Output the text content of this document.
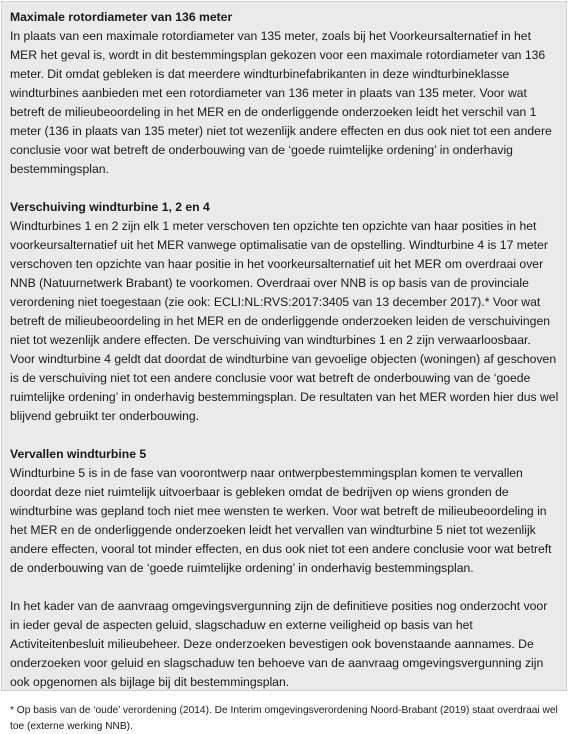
Maximale rotordiameter van 136 meter

In plaats van een maximale rotordiameter van 135 meter, zoals bij het Voorkeursalternatief in het MER het geval is, wordt in dit bestemmingsplan gekozen voor een maximale rotordiameter van 136 meter. Dit omdat gebleken is dat meerdere windturbinefabrikanten in deze windturbineklasse windturbines aanbieden met een rotordiameter van 136 meter in plaats van 135 meter. Voor wat betreft de milieubeoordeling in het MER en de onderliggende onderzoeken leidt het verschil van 1 meter (136 in plaats van 135 meter) niet tot wezenlijk andere effecten en dus ook niet tot een andere conclusie voor wat betreft de onderbouwing van de ‘goede ruimtelijke ordening’ in onderhavig bestemmingsplan.

Verschuiving windturbine 1, 2 en 4

Windturbines 1 en 2 zijn elk 1 meter verschoven ten opzichte ten opzichte van haar posities in het voorkeursalternatief uit het MER vanwege optimalisatie van de opstelling. Windturbine 4 is 17 meter verschoven ten opzichte van haar positie in het voorkeursalternatief uit het MER om overdraai over NNB (Natuurnetwerk Brabant) te voorkomen. Overdraai over NNB is op basis van de provinciale verordening niet toegestaan (zie ook: ECLI:NL:RVS:2017:3405 van 13 december 2017).* Voor wat betreft de milieubeoordeling in het MER en de onderliggende onderzoeken leiden de verschuivingen niet tot wezenlijk andere effecten. De verschuiving van windturbines 1 en 2 zijn verwaarloosbaar. Voor windturbine 4 geldt dat doordat de windturbine van gevoelige objecten (woningen) af geschoven is de verschuiving niet tot een andere conclusie voor wat betreft de onderbouwing van de ‘goede ruimtelijke ordening’ in onderhavig bestemmingsplan. De resultaten van het MER worden hier dus wel blijvend gebruikt ter onderbouwing.

Vervallen windturbine 5

Windturbine 5 is in de fase van voorontwerp naar ontwerpbestemmingsplan komen te vervallen doordat deze niet ruimtelijk uitvoerbaar is gebleken omdat de bedrijven op wiens gronden de windturbine was gepland toch niet mee wensten te werken. Voor wat betreft de milieubeoordeling in het MER en de onderliggende onderzoeken leidt het vervallen van windturbine 5 niet tot wezenlijk andere effecten, vooral tot minder effecten, en dus ook niet tot een andere conclusie voor wat betreft de onderbouwing van de ‘goede ruimtelijke ordening’ in onderhavig bestemmingsplan.

In het kader van de aanvraag omgevingsvergunning zijn de definitieve posities nog onderzocht voor in ieder geval de aspecten geluid, slagschaduw en externe veiligheid op basis van het Activiteitenbesluit milieubeheer. Deze onderzoeken bevestigen ook bovenstaande aannames. De onderzoeken voor geluid en slagschaduw ten behoeve van de aanvraag omgevingsvergunning zijn ook opgenomen als bijlage bij dit bestemmingsplan.

* Op basis van de ‘oude’ verordening (2014). De Interim omgevingsverordening Noord-Brabant (2019) staat overdraai wel toe (externe werking NNB).
